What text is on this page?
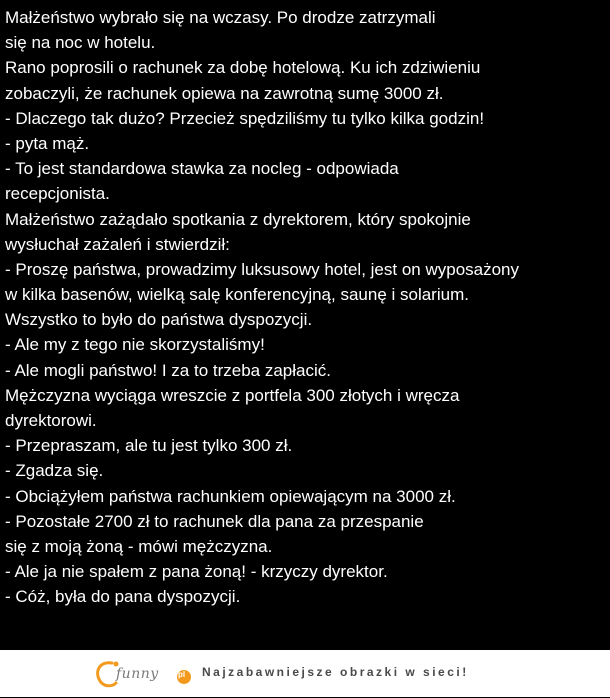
Małżeństwo wybrało się na wczasy. Po drodze zatrzymali
się na noc w hotelu.
Rano poprosili o rachunek za dobę hotelową. Ku ich zdziwieniu
zobaczyli, że rachunek opiewa na zawrotną sumę 3000 zł.
- Dlaczego tak dużo? Przecież spędziliśmy tu tylko kilka godzin!
- pyta mąż.
- To jest standardowa stawka za nocleg - odpowiada
recepcjonista.
Małżeństwo zażądało spotkania z dyrektorem, który spokojnie
wysłuchał zażaleń i stwierdził:
- Proszę państwa, prowadzimy luksusowy hotel, jest on wyposażony
w kilka basenów, wielką salę konferencyjną, saunę i solarium.
Wszystko to było do państwa dyspozycji.
- Ale my z tego nie skorzystaliśmy!
- Ale mogli państwo! I za to trzeba zapłacić.
Mężczyzna wyciąga wreszcie z portfela 300 złotych i wręcza
dyrektorowi.
- Przepraszam, ale tu jest tylko 300 zł.
- Zgadza się.
- Obciążyłem państwa rachunkiem opiewającym na 3000 zł.
- Pozostałe 2700 zł to rachunek dla pana za przespanie
się z moją żoną - mówi mężczyzna.
- Ale ja nie spałem z pana żoną! - krzyczy dyrektor.
- Cóż, była do pana dyspozycji.
funny pl Najzabawniejsze obrazki w sieci!
